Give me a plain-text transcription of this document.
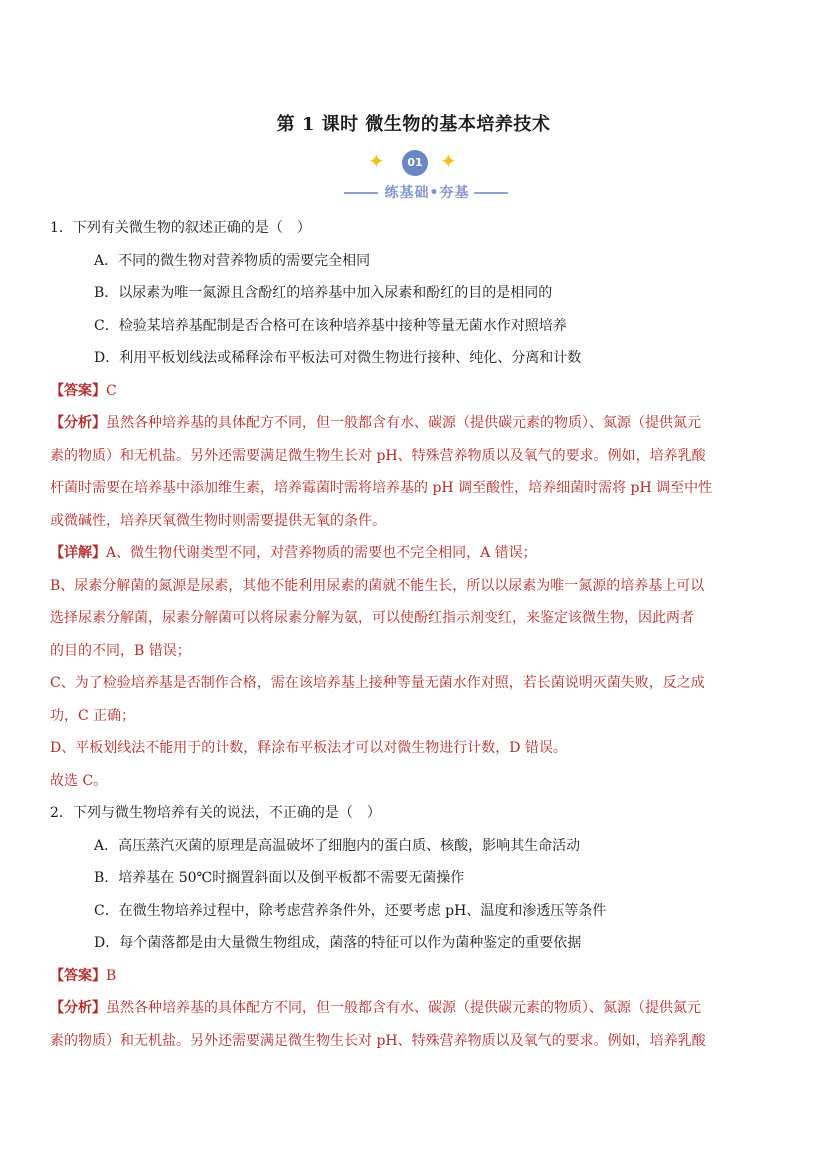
第 1 课时 微生物的基本培养技术
✦	01 ✦
练基础•夯基
1．下列有关微生物的叙述正确的是（　）
A．不同的微生物对营养物质的需要完全相同
B．以尿素为唯一氮源且含酚红的培养基中加入尿素和酚红的目的是相同的
C．检验某培养基配制是否合格可在该种培养基中接种等量无菌水作对照培养
D．利用平板划线法或稀释涂布平板法可对微生物进行接种、纯化、分离和计数
【答案】C
【分析】虽然各种培养基的具体配方不同，但一般都含有水、碳源（提供碳元素的物质）、氮源（提供氮元
素的物质）和无机盐。另外还需要满足微生物生长对 pH、特殊营养物质以及氧气的要求。例如，培养乳酸
杆菌时需要在培养基中添加维生素，培养霉菌时需将培养基的 pH 调至酸性，培养细菌时需将 pH 调至中性
或微碱性，培养厌氧微生物时则需要提供无氧的条件。
【详解】A、微生物代谢类型不同，对营养物质的需要也不完全相同，A 错误；
B、尿素分解菌的氮源是尿素，其他不能利用尿素的菌就不能生长，所以以尿素为唯一氮源的培养基上可以
选择尿素分解菌，尿素分解菌可以将尿素分解为氨，可以使酚红指示剂变红，来鉴定该微生物，因此两者
的目的不同，B 错误；
C、为了检验培养基是否制作合格，需在该培养基上接种等量无菌水作对照，若长菌说明灭菌失败，反之成
功，C 正确；
D、平板划线法不能用于的计数，释涂布平板法才可以对微生物进行计数，D 错误。
故选 C。
2．下列与微生物培养有关的说法，不正确的是（　）
A．高压蒸汽灭菌的原理是高温破坏了细胞内的蛋白质、核酸，影响其生命活动
B．培养基在 50℃时搁置斜面以及倒平板都不需要无菌操作
C．在微生物培养过程中，除考虑营养条件外，还要考虑 pH、温度和渗透压等条件
D．每个菌落都是由大量微生物组成，菌落的特征可以作为菌种鉴定的重要依据
【答案】B
【分析】虽然各种培养基的具体配方不同，但一般都含有水、碳源（提供碳元素的物质）、氮源（提供氮元
素的物质）和无机盐。另外还需要满足微生物生长对 pH、特殊营养物质以及氧气的要求。例如，培养乳酸
